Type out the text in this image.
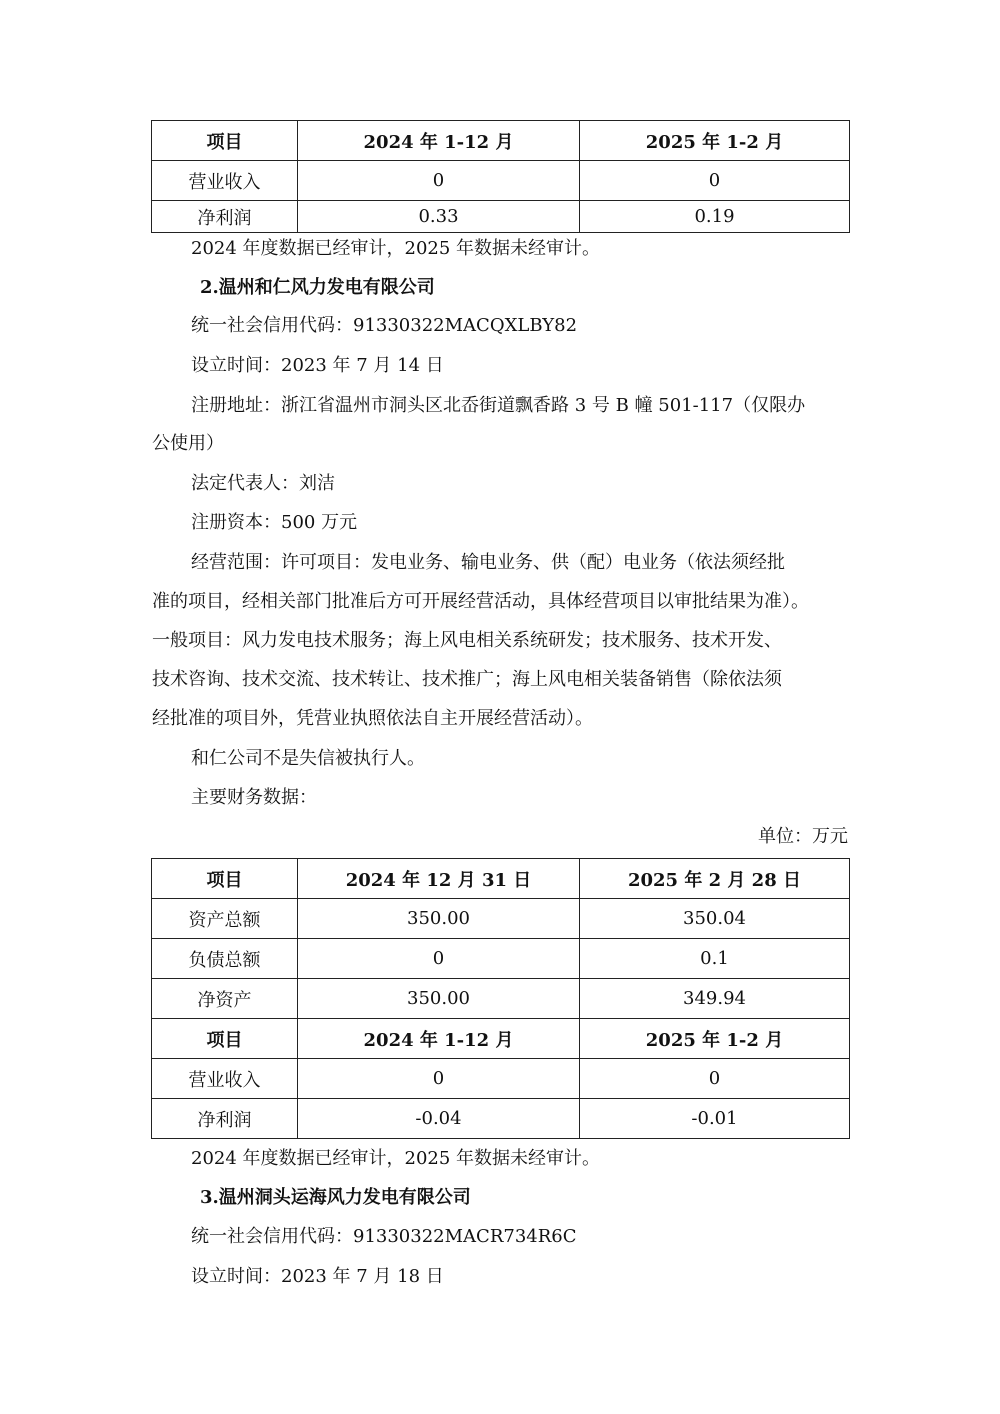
项目	2024 年 1-12 月	2025 年 1-2 月
营业收入	0	0
净利润	0.33	0.19
2024 年度数据已经审计，2025 年数据未经审计。
2.温州和仁风力发电有限公司
统一社会信用代码：91330322MACQXLBY82
设立时间：2023 年 7 月 14 日
注册地址：浙江省温州市洞头区北岙街道飘香路 3 号 B 幢 501-117（仅限办
公使用）
法定代表人：刘洁
注册资本：500 万元
经营范围：许可项目：发电业务、输电业务、供（配）电业务（依法须经批
准的项目，经相关部门批准后方可开展经营活动，具体经营项目以审批结果为准）。
一般项目：风力发电技术服务；海上风电相关系统研发；技术服务、技术开发、
技术咨询、技术交流、技术转让、技术推广；海上风电相关装备销售（除依法须
经批准的项目外，凭营业执照依法自主开展经营活动）。
和仁公司不是失信被执行人。
主要财务数据：
单位：万元
项目	2024 年 12 月 31 日	2025 年 2 月 28 日
资产总额	350.00	350.04
负债总额	0	0.1
净资产	350.00	349.94
项目	2024 年 1-12 月	2025 年 1-2 月
营业收入	0	0
净利润	-0.04	-0.01
2024 年度数据已经审计，2025 年数据未经审计。
3.温州洞头运海风力发电有限公司
统一社会信用代码：91330322MACR734R6C
设立时间：2023 年 7 月 18 日
